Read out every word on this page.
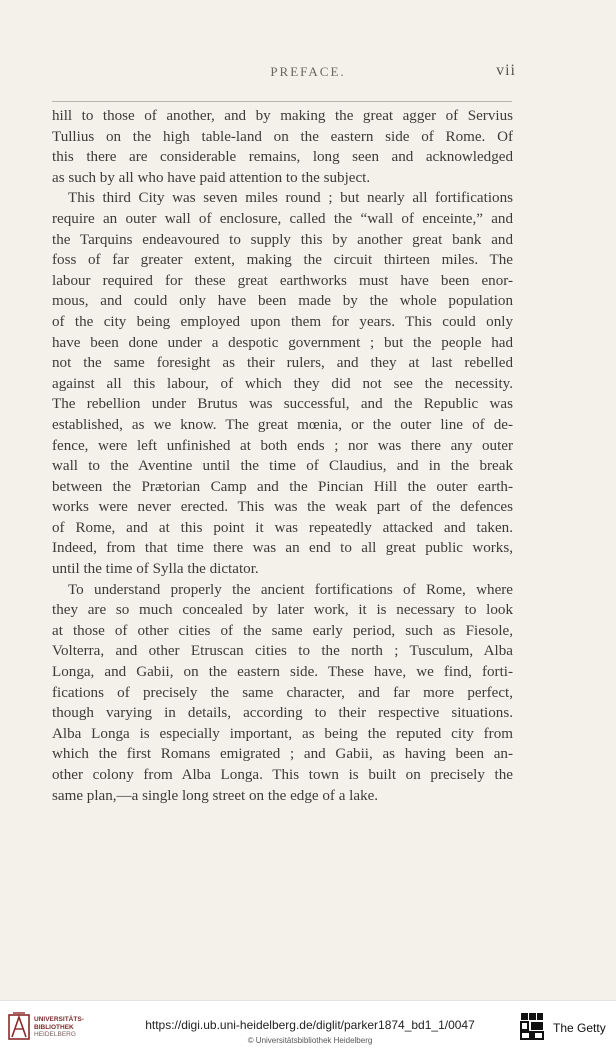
PREFACE.	vii
hill to those of another, and by making the great agger of Servius
Tullius on the high table-land on the eastern side of Rome. Of
this there are considerable remains, long seen and acknowledged
as such by all who have paid attention to the subject.
This third City was seven miles round ; but nearly all fortifications
require an outer wall of enclosure, called the “wall of enceinte,” and
the Tarquins endeavoured to supply this by another great bank and
foss of far greater extent, making the circuit thirteen miles. The
labour required for these great earthworks must have been enor-
mous, and could only have been made by the whole population
of the city being employed upon them for years. This could only
have been done under a despotic government ; but the people had
not the same foresight as their rulers, and they at last rebelled
against all this labour, of which they did not see the necessity.
The rebellion under Brutus was successful, and the Republic was
established, as we know. The great mœnia, or the outer line of de-
fence, were left unfinished at both ends ; nor was there any outer
wall to the Aventine until the time of Claudius, and in the break
between the Prætorian Camp and the Pincian Hill the outer earth-
works were never erected. This was the weak part of the defences
of Rome, and at this point it was repeatedly attacked and taken.
Indeed, from that time there was an end to all great public works,
until the time of Sylla the dictator.
To understand properly the ancient fortifications of Rome, where
they are so much concealed by later work, it is necessary to look
at those of other cities of the same early period, such as Fiesole,
Volterra, and other Etruscan cities to the north ; Tusculum, Alba
Longa, and Gabii, on the eastern side. These have, we find, forti-
fications of precisely the same character, and far more perfect,
though varying in details, according to their respective situations.
Alba Longa is especially important, as being the reputed city from
which the first Romans emigrated ; and Gabii, as having been an-
other colony from Alba Longa. This town is built on precisely the
same plan,—a single long street on the edge of a lake.
UNIVERSITÄTS-
BIBLIOTHEK
HEIDELBERG
https://digi.ub.uni-heidelberg.de/diglit/parker1874_bd1_1/0047
© Universitätsbibliothek Heidelberg
The Getty
